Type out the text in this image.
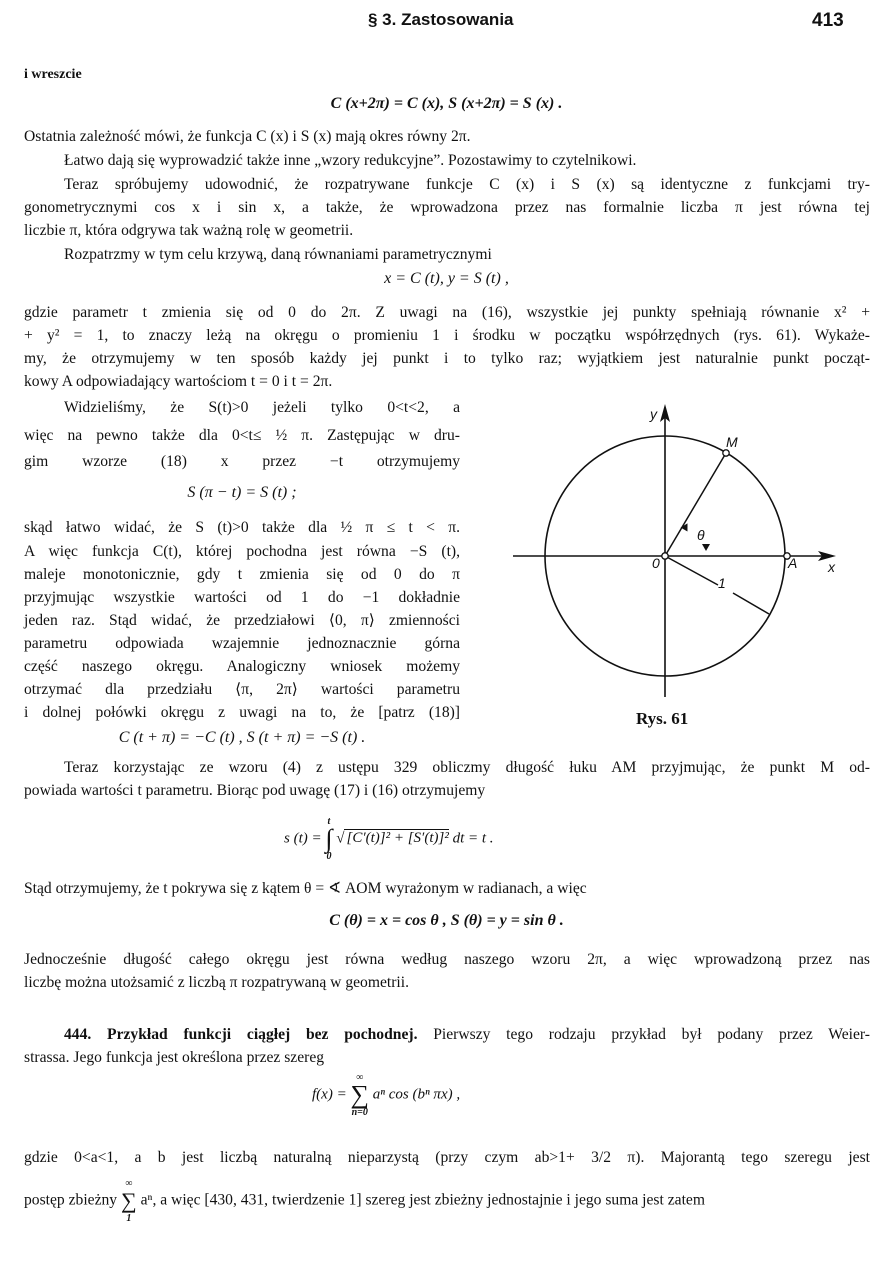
§ 3. Zastosowania	413
i wreszcie
C (x+2π) = C (x), S (x+2π) = S (x) .
Ostatnia zależność mówi, że funkcja C (x) i S (x) mają okres równy 2π.
Łatwo dają się wyprowadzić także inne „wzory redukcyjne”. Pozostawimy to czytelnikowi.
Teraz spróbujemy udowodnić, że rozpatrywane funkcje C (x) i S (x) są identyczne z funkcjami try-
gonometrycznymi cos x i sin x, a także, że wprowadzona przez nas formalnie liczba π jest równa tej
liczbie π, która odgrywa tak ważną rolę w geometrii.
Rozpatrzmy w tym celu krzywą, daną równaniami parametrycznymi
x = C (t), y = S (t) ,
gdzie parametr t zmienia się od 0 do 2π. Z uwagi na (16), wszystkie jej punkty spełniają równanie x² +
+ y² = 1, to znaczy leżą na okręgu o promieniu 1 i środku w początku współrzędnych (rys. 61). Wykaże-
my, że otrzymujemy w ten sposób każdy jej punkt i to tylko raz; wyjątkiem jest naturalnie punkt począt-
kowy A odpowiadający wartościom t = 0 i t = 2π.
Widzieliśmy, że S(t)>0 jeżeli tylko 0<t<2, a
więc na pewno także dla 0<t≤ ½ π. Zastępując w dru-
gim wzorze (18) x przez −t otrzymujemy
S (π − t) = S (t) ;
skąd łatwo widać, że S (t)>0 także dla ½ π ≤ t < π.
A więc funkcja C(t), której pochodna jest równa −S (t),
maleje monotonicznie, gdy t zmienia się od 0 do π
przyjmując wszystkie wartości od 1 do −1 dokładnie
jeden raz. Stąd widać, że przedziałowi ⟨0, π⟩ zmienności
parametru odpowiada wzajemnie jednoznacznie górna
część naszego okręgu. Analogiczny wniosek możemy
otrzymać dla przedziału ⟨π, 2π⟩ wartości parametru
i dolnej połówki okręgu z uwagi na to, że [patrz (18)]
C (t + π) = −C (t) , S (t + π) = −S (t) .
y
x
0	A
M
θ
1
Rys. 61
Teraz korzystając ze wzoru (4) z ustępu 329 obliczmy długość łuku AM przyjmując, że punkt M od-
powiada wartości t parametru. Biorąc pod uwagę (17) i (16) otrzymujemy
s (t) =
t
∫
0
√ [C′(t)]² + [S′(t)]² dt = t .
Stąd otrzymujemy, że t pokrywa się z kątem θ = ∢ AOM wyrażonym w radianach, a więc
C (θ) = x = cos θ , S (θ) = y = sin θ .
Jednocześnie długość całego okręgu jest równa według naszego wzoru 2π, a więc wprowadzoną przez nas
liczbę można utożsamić z liczbą π rozpatrywaną w geometrii.
444. Przykład funkcji ciągłej bez pochodnej. Pierwszy tego rodzaju przykład był podany przez Weier-
strassa. Jego funkcja jest określona przez szereg
f(x) =
∞
∑
n=0
aⁿ cos (bⁿ πx) ,
gdzie 0<a<1, a b jest liczbą naturalną nieparzystą (przy czym ab>1+ 3/2 π). Majorantą tego szeregu jest
postęp zbieżny
∞
∑
1
aⁿ, a więc [430, 431, twierdzenie 1] szereg jest zbieżny jednostajnie i jego suma jest zatem
